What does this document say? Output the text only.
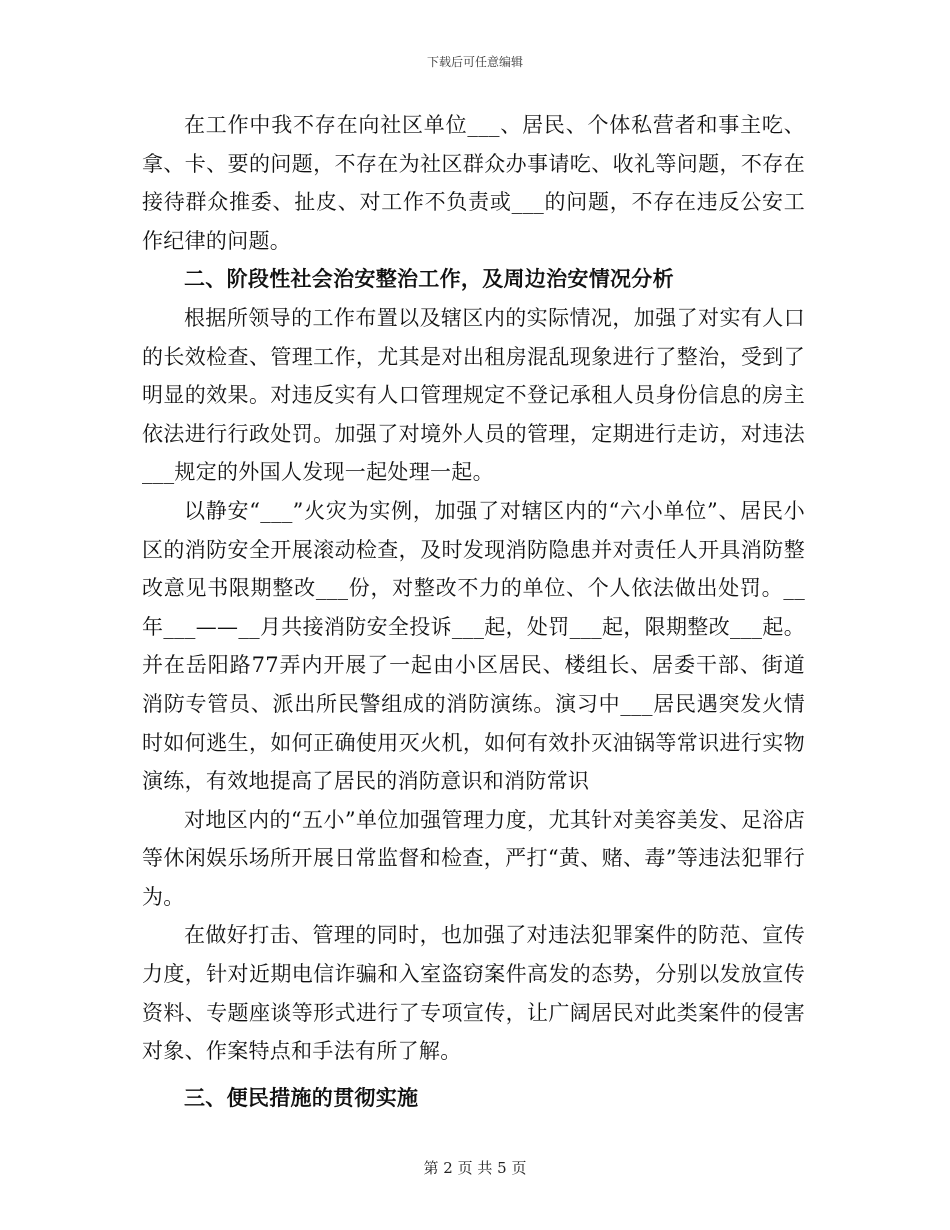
下载后可任意编辑

在工作中我不存在向社区单位___、居民、个体私营者和事主吃、拿、卡、要的问题，不存在为社区群众办事请吃、收礼等问题，不存在接待群众推委、扯皮、对工作不负责或___的问题，不存在违反公安工作纪律的问题。

二、阶段性社会治安整治工作，及周边治安情况分析

根据所领导的工作布置以及辖区内的实际情况，加强了对实有人口的长效检查、管理工作，尤其是对出租房混乱现象进行了整治，受到了明显的效果。对违反实有人口管理规定不登记承租人员身份信息的房主依法进行行政处罚。加强了对境外人员的管理，定期进行走访，对违法___规定的外国人发现一起处理一起。

以静安“___”火灾为实例，加强了对辖区内的“六小单位”、居民小区的消防安全开展滚动检查，及时发现消防隐患并对责任人开具消防整改意见书限期整改___份，对整改不力的单位、个人依法做出处罚。__年___——__月共接消防安全投诉___起，处罚___起，限期整改___起。并在岳阳路77弄内开展了一起由小区居民、楼组长、居委干部、街道消防专管员、派出所民警组成的消防演练。演习中___居民遇突发火情时如何逃生，如何正确使用灭火机，如何有效扑灭油锅等常识进行实物演练，有效地提高了居民的消防意识和消防常识

对地区内的“五小”单位加强管理力度，尤其针对美容美发、足浴店等休闲娱乐场所开展日常监督和检查，严打“黄、赌、毒”等违法犯罪行为。

在做好打击、管理的同时，也加强了对违法犯罪案件的防范、宣传力度，针对近期电信诈骗和入室盗窃案件高发的态势，分别以发放宣传资料、专题座谈等形式进行了专项宣传，让广阔居民对此类案件的侵害对象、作案特点和手法有所了解。

三、便民措施的贯彻实施

第 2 页 共 5 页
